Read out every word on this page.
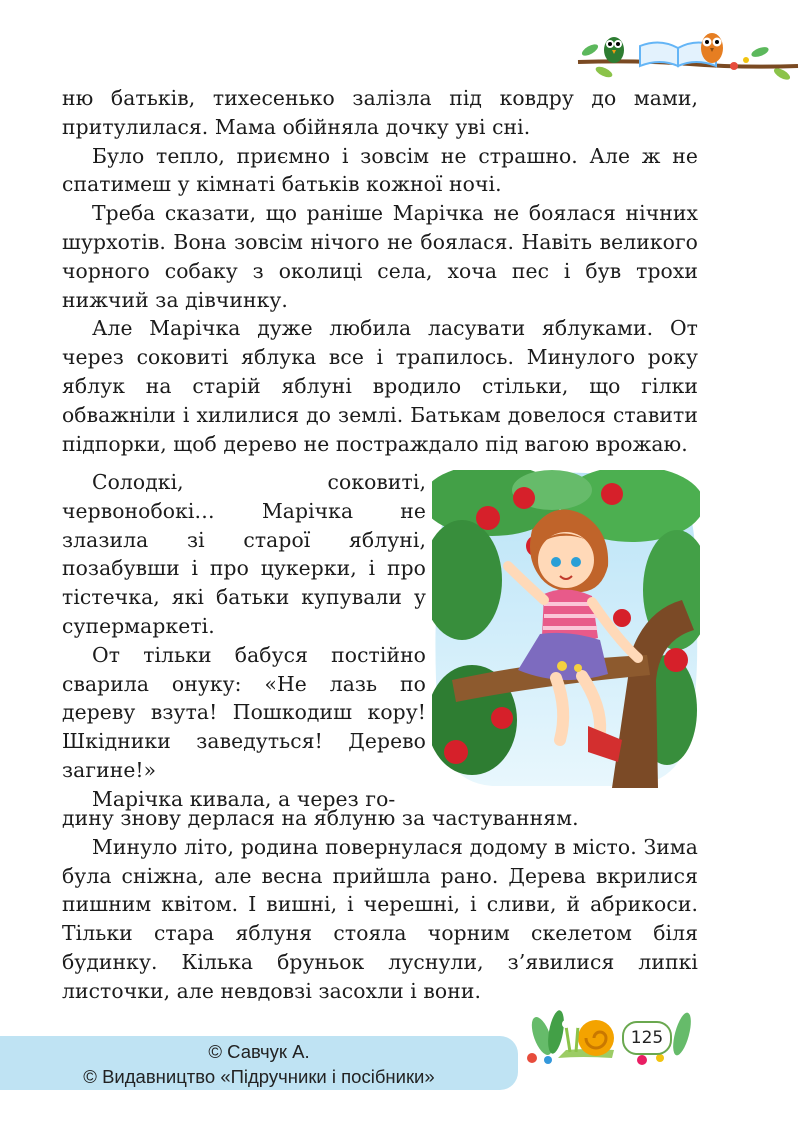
ню батьків, тихесенько залізла під ковдру до мами, притулилася. Мама обійняла дочку уві сні.

Було тепло, приємно і зовсім не страшно. Але ж не спатимеш у кімнаті батьків кожної ночі.

Треба сказати, що раніше Марічка не боялася нічних шурхотів. Вона зовсім нічого не боялася. Навіть великого чорного собаку з околиці села, хоча пес і був трохи нижчий за дівчинку.

Але Марічка дуже любила ласувати яблуками. От через соковиті яблука все і трапилось. Минулого року яблук на старій яблуні вродило стільки, що гілки обважніли і хилилися до землі. Батькам довелося ставити підпорки, щоб дерево не постраждало під вагою врожаю.

Солодкі, соковиті, червонобокі… Марічка не злазила зі старої яблуні, позабувши і про цукерки, і про тістечка, які батьки купували у супермаркеті.

От тільки бабуся постійно сварила онуку: «Не лазь по дереву взута! Пошкодиш кору! Шкідники заведуться! Дерево загине!»

Марічка кивала, а через го-

дину знову дерлася на яблуню за частуванням.

Минуло літо, родина повернулася додому в місто. Зима була сніжна, але весна прийшла рано. Дерева вкрилися пишним квітом. І вишні, і черешні, і сливи, й абрикоси. Тільки стара яблуня стояла чорним скелетом біля будинку. Кілька бруньок луснули, з’явилися липкі листочки, але невдовзі засохли і вони.

125
© Савчук А.
© Видавництво «Підручники і посібники»
